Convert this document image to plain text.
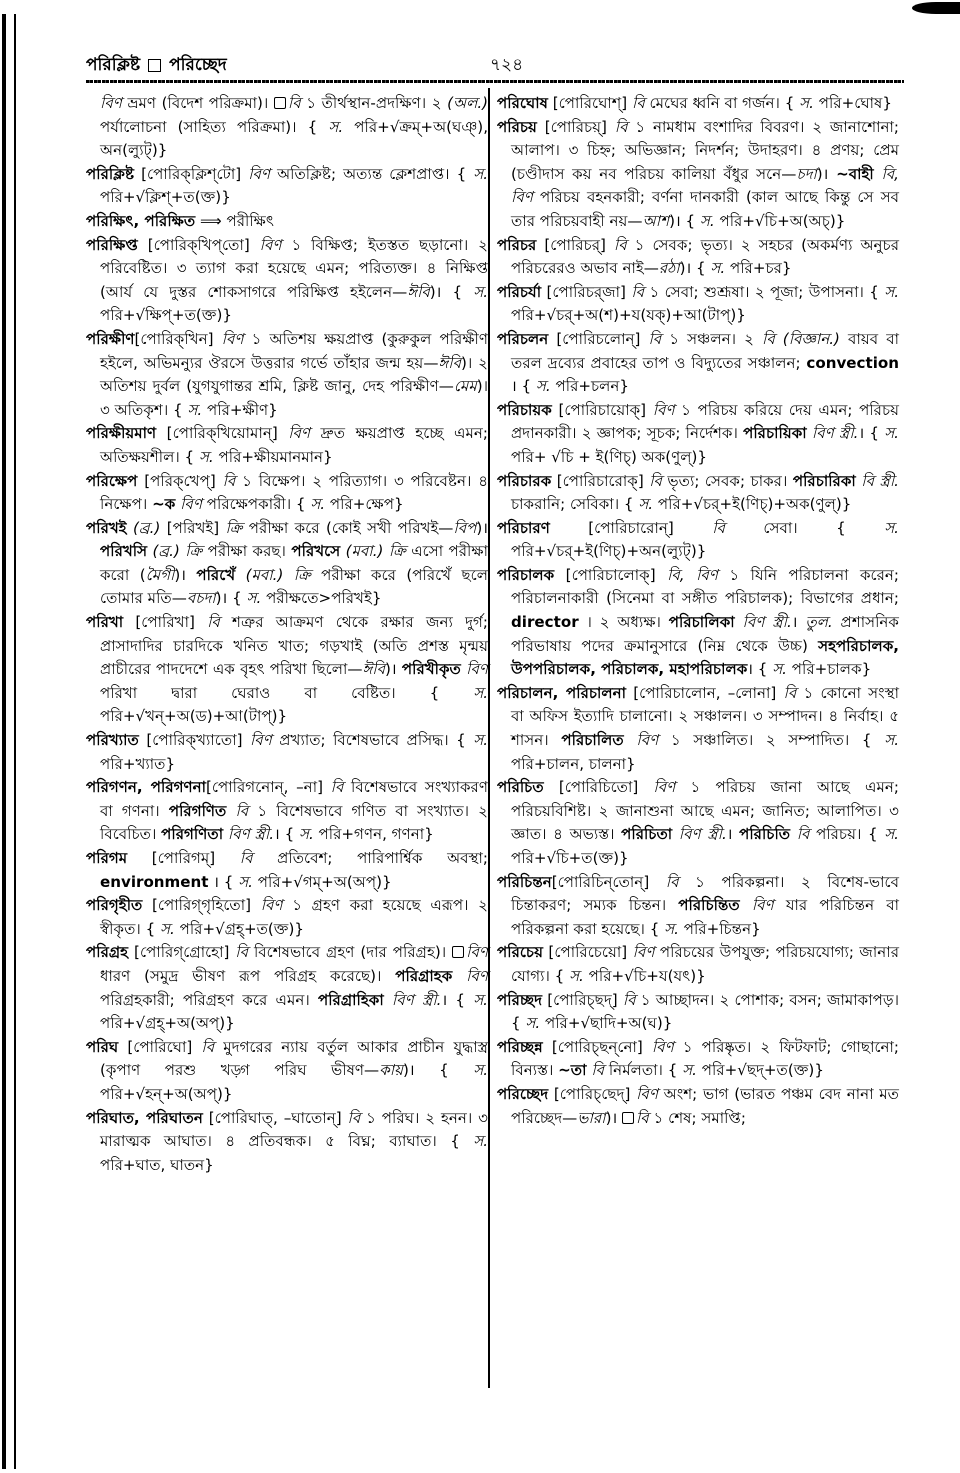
পরিক্লিষ্ট পরিচ্ছেদ	৭২৪

বিণ ভ্রমণ (বিদেশ পরিক্রমা)। বি ১ তীর্থস্থান-প্রদক্ষিণ। ২ (অল.) পর্যালোচনা (সাহিত্য পরিক্রমা)। { স. পরি+√ক্রম্+অ(ঘঞ্), অন(ল্যুট্)}

পরিক্লিষ্ট [পোরিক্‌ক্লিশ্‌টো] বিণ অতিক্লিষ্ট; অত্যন্ত ক্লেশপ্রাপ্ত। { স. পরি+√ক্লিশ্+ত(ক্ত)}

পরিক্ষিৎ, পরিক্ষিত ⟹ পরীক্ষিৎ

পরিক্ষিপ্ত [পোরিক্‌খিপ্‌তো] বিণ ১ বিক্ষিপ্ত; ইতস্তত ছড়ানো। ২ পরিবেষ্টিত। ৩ ত্যাগ করা হয়েছে এমন; পরিত্যক্ত। ৪ নিক্ষিপ্ত (আর্য যে দুস্তর শোকসাগরে পরিক্ষিপ্ত হইলেন—ঈবি)। { স. পরি+√ক্ষিপ্+ত(ক্ত)}

পরিক্ষীণ[পোরিক্‌খিন] বিণ ১ অতিশয় ক্ষয়প্রাপ্ত (কুরুকুল পরিক্ষীণ হইলে, অভিমন্যুর ঔরসে উত্তরার গর্ভে তাঁহার জন্ম হয়—ঈবি)। ২ অতিশয় দুর্বল (যুগযুগান্তর শ্রমি, ক্লিষ্ট জানু, দেহ পরিক্ষীণ—মেম)। ৩ অতিকৃশ। { স. পরি+ক্ষীণ}

পরিক্ষীয়মাণ [পোরিক্‌খিয়োমান্‌] বিণ দ্রুত ক্ষয়প্রাপ্ত হচ্ছে এমন; অতিক্ষয়শীল। { স. পরি+ক্ষীয়মানমান}

পরিক্ষেপ [পরিক্‌খেপ্‌] বি ১ বিক্ষেপ। ২ পরিত্যাগ। ৩ পরিবেষ্টন। ৪ নিক্ষেপ। ~ক বিণ পরিক্ষেপকারী। { স. পরি+ক্ষেপ}

পরিখই (ব্র.) [পরিখই] ক্রি পরীক্ষা করে (কোই সখী পরিখই—বিপ)। পরিখসি (ব্র.) ক্রি পরীক্ষা করছ। পরিখসে (মবা.) ক্রি এসো পরীক্ষা করো (মৈগী)। পরিখেঁ (মবা.) ক্রি পরীক্ষা করে (পরিখেঁ ছলে তোমার মতি—বচদা)। { স. পরীক্ষতে>পরিখই}

পরিখা [পোরিখা] বি শত্রুর আক্রমণ থেকে রক্ষার জন্য দুর্গ; প্রাসাদাদির চারদিকে খনিত খাত; গড়খাই (অতি প্রশস্ত মৃন্ময় প্রাচীরের পাদদেশে এক বৃহৎ পরিখা ছিলো—ঈবি)। পরিখীকৃত বিণ পরিখা দ্বারা ঘেরাও বা বেষ্টিত। { স. পরি+√খন্+অ(ড)+আ(টাপ্)}

পরিখ্যাত [পোরিক্‌খ্যাতো] বিণ প্রখ্যাত; বিশেষভাবে প্রসিদ্ধ। { স. পরি+খ্যাত}

পরিগণন, পরিগণনা[পোরিগনোন্, –না] বি বিশেষভাবে সংখ্যাকরণ বা গণনা। পরিগণিত বি ১ বিশেষভাবে গণিত বা সংখ্যাত। ২ বিবেচিত। পরিগণিতা বিণ স্ত্রী.। { স. পরি+গণন, গণনা}

পরিগম [পোরিগম্‌] বি প্রতিবেশ; পারিপার্শ্বিক অবস্থা; environment । { স. পরি+√গম্+অ(অপ্)}

পরিগৃহীত [পোরিগ্‌গৃহিতো] বিণ ১ গ্রহণ করা হয়েছে এরূপ। ২ স্বীকৃত। { স. পরি+√গ্রহ্+ত(ক্ত)}

পরিগ্রহ [পোরিগ্‌গ্রোহো] বি বিশেষভাবে গ্রহণ (দার পরিগ্রহ)। বিণ ধারণ (সমুদ্র ভীষণ রূপ পরিগ্রহ করেছে)। পরিগ্রাহক বিণ পরিগ্রহকারী; পরিগ্রহণ করে এমন। পরিগ্রাহিকা বিণ স্ত্রী.। { স. পরি+√গ্রহ্+অ(অপ্)}

পরিঘ [পোরিঘো] বি মুদগরের ন্যায় বর্তুল আকার প্রাচীন যুদ্ধাস্ত্র (কৃপাণ পরশু খড়্গ পরিঘ ভীষণ—কায়)। { স. পরি+√হন্+অ(অপ্)}

পরিঘাত, পরিঘাতন [পোরিঘাত্, –ঘাতোন্] বি ১ পরিঘ। ২ হনন। ৩ মারাত্মক আঘাত। ৪ প্রতিবন্ধক। ৫ বিঘ্ন; ব্যাঘাত। { স. পরি+ঘাত, ঘাতন}

পরিঘোষ [পোরিঘোশ্‌] বি মেঘের ধ্বনি বা গর্জন। { স. পরি+ঘোষ}

পরিচয় [পোরিচয়্‌] বি ১ নামধাম বংশাদির বিবরণ। ২ জানাশোনা; আলাপ। ৩ চিহ্ন; অভিজ্ঞান; নিদর্শন; উদাহরণ। ৪ প্রণয়; প্রেম (চণ্ডীদাস কয় নব পরিচয় কালিয়া বঁধুর সনে—চদা)। ~বাহী বি, বিণ পরিচয় বহনকারী; বর্ণনা দানকারী (কাল আছে কিন্তু সে সব তার পরিচয়বাহী নয়—আশ)। { স. পরি+√চি+অ(অচ্)}

পরিচর [পোরিচর্‌] বি ১ সেবক; ভৃত্য। ২ সহচর (অকর্মণ্য অনুচর পরিচরেরও অভাব নাই—রঠা)। { স. পরি+চর}

পরিচর্যা [পোরিচর্‌জা] বি ১ সেবা; শুশ্রূষা। ২ পূজা; উপাসনা। { স. পরি+√চর্+অ(শ)+য(যক্)+আ(টাপ্)}

পরিচলন [পোরিচলোন্‌] বি ১ সঞ্চলন। ২ বি (বিজ্ঞান.) বায়ব বা তরল দ্রব্যের প্রবাহের তাপ ও বিদ্যুতের সঞ্চালন; convection । { স. পরি+চলন}

পরিচায়ক [পোরিচায়োক্‌] বিণ ১ পরিচয় করিয়ে দেয় এমন; পরিচয় প্রদানকারী। ২ জ্ঞাপক; সূচক; নির্দেশক। পরিচায়িকা বিণ স্ত্রী.। { স. পরি+ √চি + ই(ণিচ্) অক(ণুল্)}

পরিচারক [পোরিচারোক্‌] বি ভৃত্য; সেবক; চাকর। পরিচারিকা বি স্ত্রী. চাকরানি; সেবিকা। { স. পরি+√চর্+ই(ণিচ্)+অক(ণুল্)}

পরিচারণ [পোরিচারোন্‌] বি সেবা। { স. পরি+√চর্+ই(ণিচ্)+অন(ল্যুট্)}

পরিচালক [পোরিচালোক্‌] বি, বিণ ১ যিনি পরিচালনা করেন; পরিচালনাকারী (সিনেমা বা সঙ্গীত পরিচালক); বিভাগের প্রধান; director । ২ অধ্যক্ষ। পরিচালিকা বিণ স্ত্রী.। তুল. প্রশাসনিক পরিভাষায় পদের ক্রমানুসারে (নিম্ন থেকে উচ্চ) সহপরিচালক, উপপরিচালক, পরিচালক, মহাপরিচালক। { স. পরি+চালক}

পরিচালন, পরিচালনা [পোরিচালোন, –লোনা] বি ১ কোনো সংস্থা বা অফিস ইত্যাদি চালানো। ২ সঞ্চালন। ৩ সম্পাদন। ৪ নির্বাহ। ৫ শাসন। পরিচালিত বিণ ১ সঞ্চালিত। ২ সম্পাদিত। { স. পরি+চালন, চালনা}

পরিচিত [পোরিচিতো] বিণ ১ পরিচয় জানা আছে এমন; পরিচয়বিশিষ্ট। ২ জানাশুনা আছে এমন; জানিত; আলাপিত। ৩ জ্ঞাত। ৪ অভ্যস্ত। পরিচিতা বিণ স্ত্রী.। পরিচিতি বি পরিচয়। { স. পরি+√চি+ত(ক্ত)}

পরিচিন্তন[পোরিচিন্‌তোন্‌] বি ১ পরিকল্পনা। ২ বিশেষ-ভাবে চিন্তাকরণ; সম্যক চিন্তন। পরিচিন্তিত বিণ যার পরিচিন্তন বা পরিকল্পনা করা হয়েছে। { স. পরি+চিন্তন}

পরিচেয় [পোরিচেয়ো] বিণ পরিচয়ের উপযুক্ত; পরিচয়যোগ্য; জানার যোগ্য। { স. পরি+√চি+য(যৎ)}

পরিচ্ছদ [পোরিচ্‌ছদ্‌] বি ১ আচ্ছাদন। ২ পোশাক; বসন; জামাকাপড়। { স. পরি+√ছাদি+অ(ঘ)}

পরিচ্ছন্ন [পোরিচ্‌ছন্‌নো] বিণ ১ পরিষ্কৃত। ২ ফিটফাট; গোছানো; বিন্যস্ত। ~তা বি নির্মলতা। { স. পরি+√ছদ্+ত(ক্ত)}

পরিচ্ছেদ [পোরিচ্‌ছেদ্‌] বিণ অংশ; ভাগ (ভারত পঞ্চম বেদ নানা মত পরিচ্ছেদ—ভারা)। বি ১ শেষ; সমাপ্তি;
